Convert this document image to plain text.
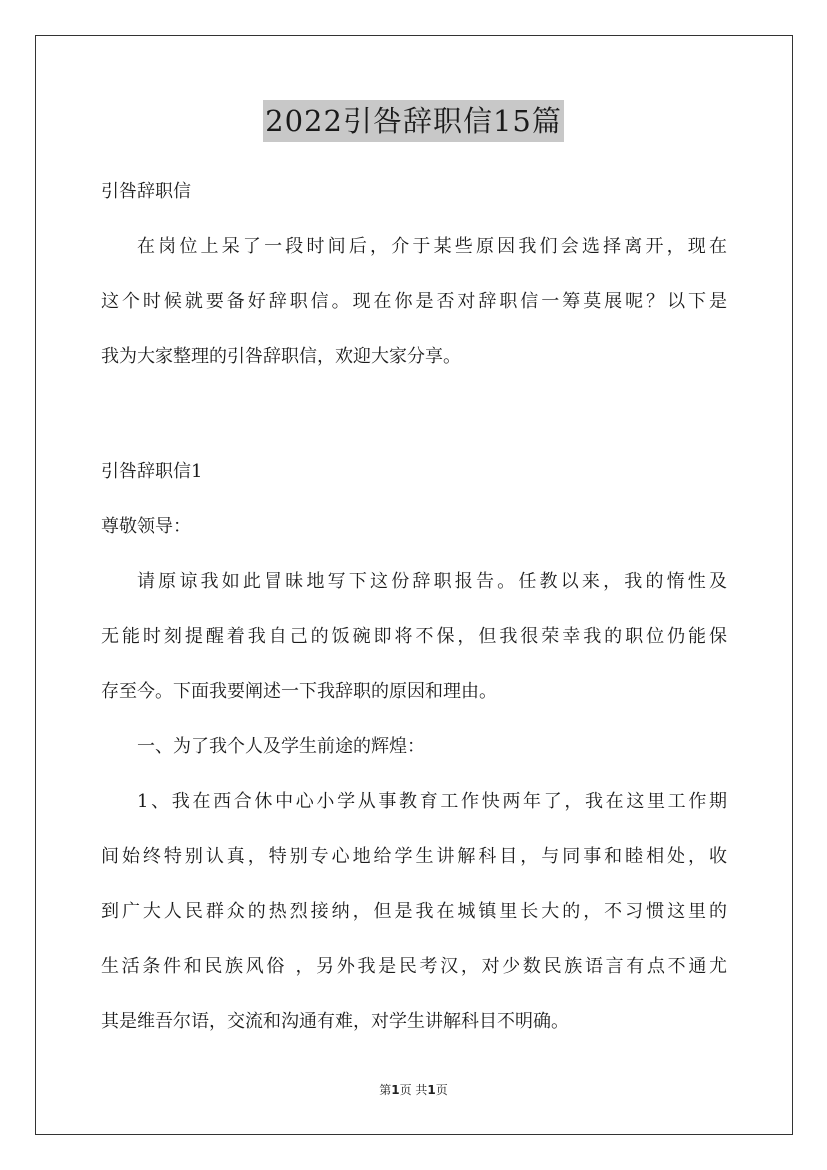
2022引咎辞职信15篇
引咎辞职信
在岗位上呆了一段时间后，介于某些原因我们会选择离开，现在
这个时候就要备好辞职信。现在你是否对辞职信一筹莫展呢？以下是
我为大家整理的引咎辞职信，欢迎大家分享。
引咎辞职信1
尊敬领导：
请原谅我如此冒昧地写下这份辞职报告。任教以来，我的惰性及
无能时刻提醒着我自己的饭碗即将不保，但我很荣幸我的职位仍能保
存至今。下面我要阐述一下我辞职的原因和理由。
一、为了我个人及学生前途的辉煌：
1、我在西合休中心小学从事教育工作快两年了，我在这里工作期
间始终特别认真，特别专心地给学生讲解科目，与同事和睦相处，收
到广大人民群众的热烈接纳，但是我在城镇里长大的，不习惯这里的
生活条件和民族风俗 ，另外我是民考汉，对少数民族语言有点不通尤
其是维吾尔语，交流和沟通有难，对学生讲解科目不明确。
第1页 共1页
